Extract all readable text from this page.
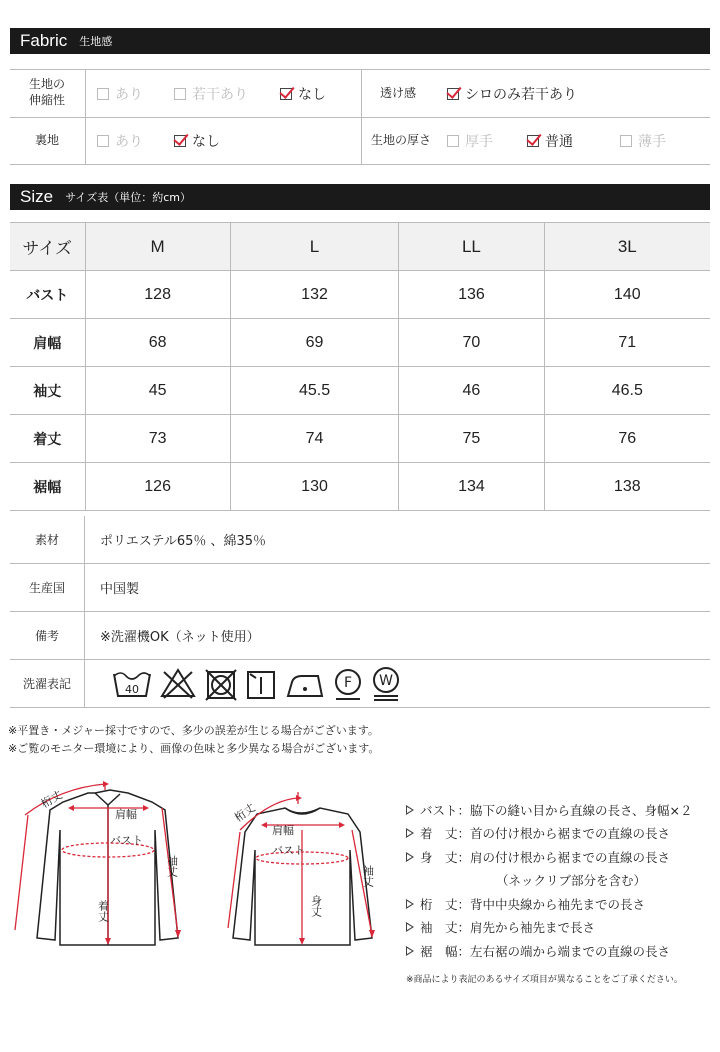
Fabric 生地感
生地の
伸縮性	あり	若干あり	なし	透け感	シロのみ若干あり
裏地	あり	なし	生地の厚さ	厚手	普通	薄手
Size サイズ表（単位：約cm）
サイズ	M	L	LL	3L
バスト	128	132	136	140
肩幅	68	69	70	71
袖丈	45	45.5	46	46.5
着丈	73	74	75	76
裾幅	126	130	134	138
素材	ポリエステル65％ 、綿35％
生産国	中国製
備考	※洗濯機OK（ネット使用）
洗濯表記	40	F W
※平置き・メジャー採寸ですので、多少の誤差が生じる場合がございます。
※ご覧のモニター環境により、画像の色味と多少異なる場合がございます。
桁丈
肩幅
バスト
袖丈
着丈
桁丈
肩幅
バスト
袖丈
身丈
バスト：脇下の縫い目から直線の長さ、身幅×２
着　丈：首の付け根から裾までの直線の長さ
身　丈：肩の付け根から裾までの直線の長さ
（ネックリブ部分を含む）
桁　丈：背中中央線から袖先までの長さ
袖　丈：肩先から袖先まで長さ
裾　幅：左右裾の端から端までの直線の長さ
※商品により表記のあるサイズ項目が異なることをご了承ください。
